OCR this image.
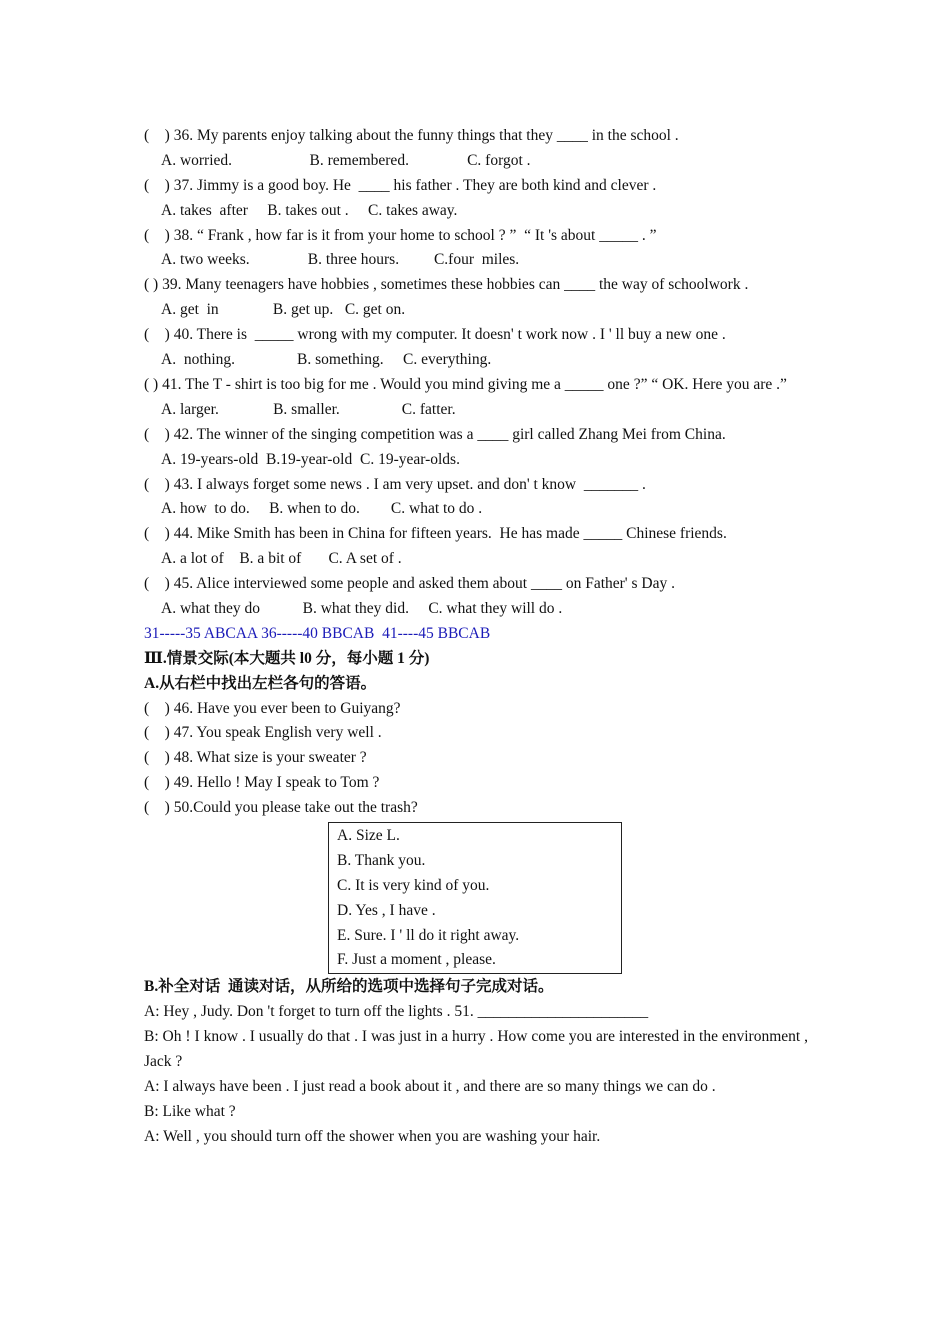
(    ) 36. My parents enjoy talking about the funny things that they ____ in the school .
A. worried.                    B. remembered.               C. forgot .
(    ) 37. Jimmy is a good boy. He  ____ his father . They are both kind and clever .
A. takes  after     B. takes out .     C. takes away.
(    ) 38. “ Frank , how far is it from your home to school ? ”  “ It 's about _____ . ”
A. two weeks.               B. three hours.         C.four  miles.
( ) 39. Many teenagers have hobbies , sometimes these hobbies can ____ the way of schoolwork .
A. get  in              B. get up.   C. get on.
(    ) 40. There is  _____ wrong with my computer. It doesn' t work now . I ' ll buy a new one .
A.  nothing.                B. something.     C. everything.
( ) 41. The T - shirt is too big for me . Would you mind giving me a _____ one ?” “ OK. Here you are .”
A. larger.              B. smaller.                C. fatter.
(    ) 42. The winner of the singing competition was a ____ girl called Zhang Mei from China.
A. 19-years-old  B.19-year-old  C. 19-year-olds.
(    ) 43. I always forget some news . I am very upset. and don' t know  _______ .
A. how  to do.     B. when to do.        C. what to do .
(    ) 44. Mike Smith has been in China for fifteen years.  He has made _____ Chinese friends.
A. a lot of    B. a bit of       C. A set of .
(    ) 45. Alice interviewed some people and asked them about ____ on Father' s Day .
A. what they do           B. what they did.     C. what they will do .
31-----35 ABCAA 36-----40 BBCAB  41----45 BBCAB
Ⅲ.情景交际(本大题共 l0 分，每小题 1 分)
A.从右栏中找出左栏各句的答语。
(    ) 46. Have you ever been to Guiyang?
(    ) 47. You speak English very well .
(    ) 48. What size is your sweater ?
(    ) 49. Hello ! May I speak to Tom ?
(    ) 50.Could you please take out the trash?
A. Size L.
B. Thank you.
C. It is very kind of you.
D. Yes , I have .
E. Sure. I ' ll do it right away.
F. Just a moment , please.
B.补全对话  通读对话，从所给的选项中选择句子完成对话。
A: Hey , Judy. Don 't forget to turn off the lights . 51. ______________________
B: Oh ! I know . I usually do that . I was just in a hurry . How come you are interested in the environment , Jack ?
A: I always have been . I just read a book about it , and there are so many things we can do .
B: Like what ?
A: Well , you should turn off the shower when you are washing your hair.
